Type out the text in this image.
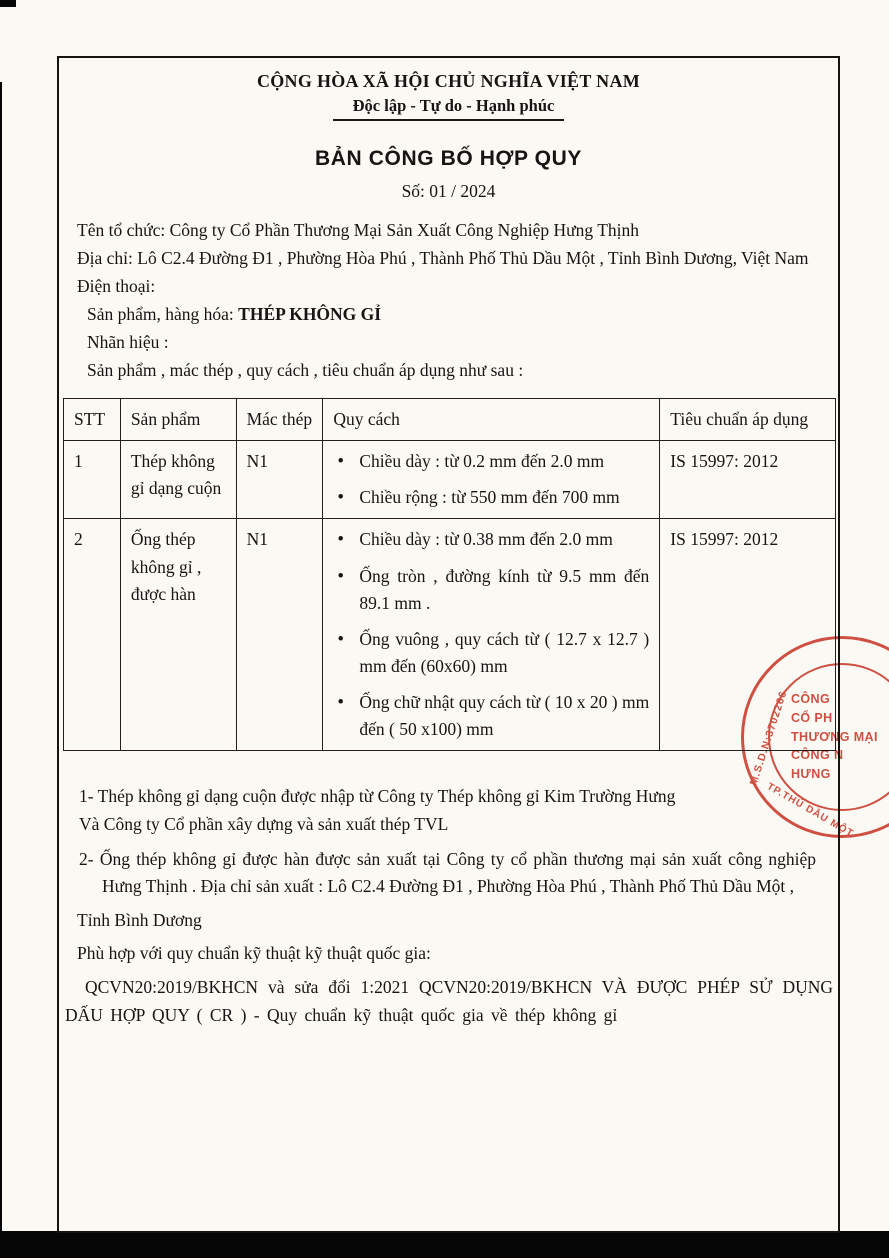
CỘNG HÒA XÃ HỘI CHỦ NGHĨA VIỆT NAM
Độc lập - Tự do - Hạnh phúc
BẢN CÔNG BỐ HỢP QUY
Số: 01 / 2024
Tên tổ chức: Công ty Cổ Phần Thương Mại Sản Xuất Công Nghiệp Hưng Thịnh
Địa chỉ: Lô C2.4 Đường Đ1 , Phường Hòa Phú , Thành Phố Thủ Dầu Một , Tỉnh Bình Dương, Việt Nam
Điện thoại:
Sản phẩm, hàng hóa: THÉP KHÔNG GỈ
Nhãn hiệu :
Sản phẩm , mác thép , quy cách , tiêu chuẩn áp dụng như sau :
STT	Sản phẩm	Mác thép	Quy cách	Tiêu chuẩn áp dụng
1	Thép không gỉ dạng cuộn	N1	• Chiều dày : từ 0.2 mm đến 2.0 mm
• Chiều rộng : từ 550 mm đến 700 mm	IS 15997: 2012
2	Ống thép không gỉ , được hàn	N1	• Chiều dày : từ 0.38 mm đến 2.0 mm
• Ống tròn , đường kính từ 9.5 mm đến 89.1 mm .
• Ống vuông , quy cách từ ( 12.7 x 12.7 ) mm đến (60x60) mm
• Ống chữ nhật quy cách từ ( 10 x 20 ) mm đến ( 50 x100) mm	IS 15997: 2012
1- Thép không gỉ dạng cuộn được nhập từ Công ty Thép không gỉ Kim Trường Hưng
Và Công ty Cổ phần xây dựng và sản xuất thép TVL
2- Ống thép không gỉ được hàn được sản xuất tại Công ty cổ phần thương mại sản xuất công nghiệp Hưng Thịnh . Địa chỉ sản xuất : Lô C2.4 Đường Đ1 , Phường Hòa Phú , Thành Phố Thủ Dầu Một ,
Tỉnh Bình Dương
Phù hợp với quy chuẩn kỹ thuật kỹ thuật quốc gia:
QCVN20:2019/BKHCN và sửa đổi 1:2021 QCVN20:2019/BKHCN VÀ ĐƯỢC PHÉP SỬ DỤNG DẤU HỢP QUY ( CR ) - Quy chuẩn kỹ thuật quốc gia về thép không gỉ
M.S.D.N:3702266
TP.THỦ DẦU MỘT
CÔNG
CỔ PH
THƯƠNG MẠI
CÔNG N
HƯNG
